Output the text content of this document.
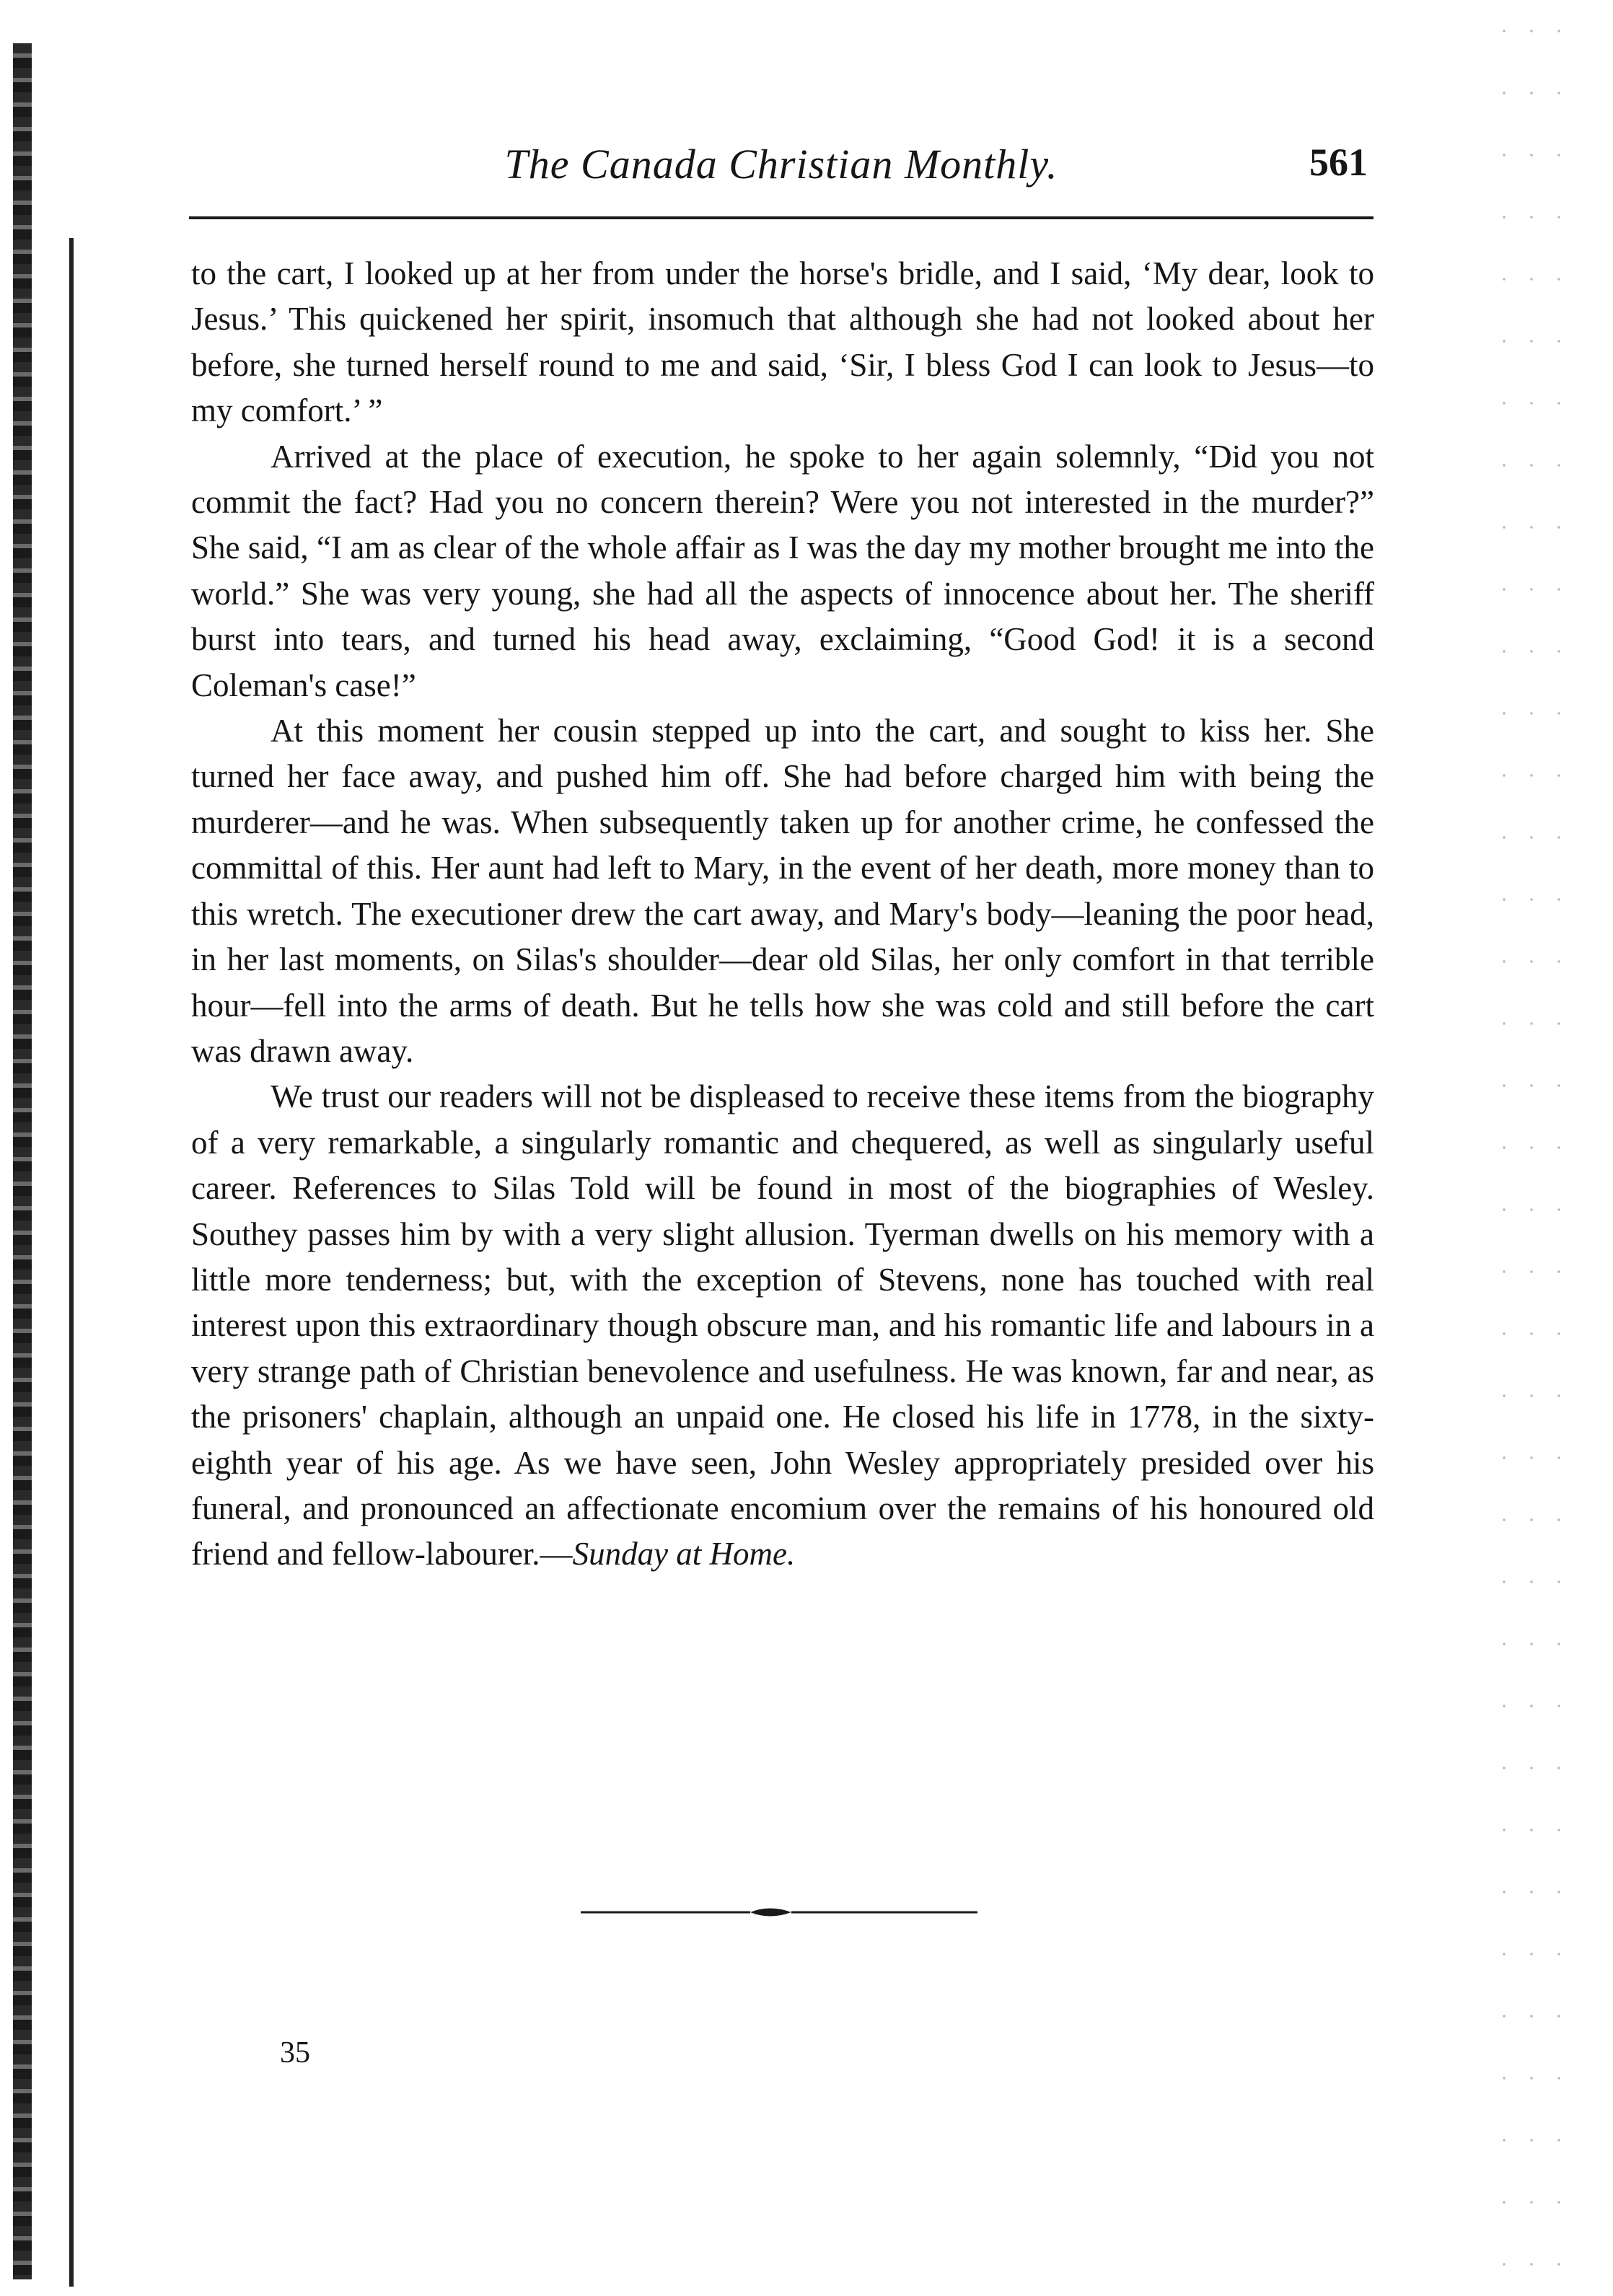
The Canada Christian Monthly.	561

to the cart, I looked up at her from under the horse's bridle, and I said, ‘My dear, look to Jesus.’ This quickened her spirit, insomuch that although she had not looked about her before, she turned herself round to me and said, ‘Sir, I bless God I can look to Jesus—to my comfort.’ ”

Arrived at the place of execution, he spoke to her again solemnly, “Did you not commit the fact? Had you no concern therein? Were you not interested in the murder?” She said, “I am as clear of the whole affair as I was the day my mother brought me into the world.” She was very young, she had all the aspects of innocence about her. The sheriff burst into tears, and turned his head away, exclaiming, “Good God! it is a second Coleman's case!”

At this moment her cousin stepped up into the cart, and sought to kiss her. She turned her face away, and pushed him off. She had before charged him with being the murderer—and he was. When subsequently taken up for another crime, he confessed the committal of this. Her aunt had left to Mary, in the event of her death, more money than to this wretch. The executioner drew the cart away, and Mary's body—leaning the poor head, in her last moments, on Silas's shoulder—dear old Silas, her only comfort in that terrible hour—fell into the arms of death. But he tells how she was cold and still before the cart was drawn away.

We trust our readers will not be displeased to receive these items from the biography of a very remarkable, a singularly romantic and chequered, as well as singularly useful career. References to Silas Told will be found in most of the biographies of Wesley. Southey passes him by with a very slight allusion. Tyerman dwells on his memory with a little more tenderness; but, with the exception of Stevens, none has touched with real interest upon this extraordinary though obscure man, and his romantic life and labours in a very strange path of Christian benevolence and usefulness. He was known, far and near, as the prisoners' chaplain, although an unpaid one. He closed his life in 1778, in the sixty-eighth year of his age. As we have seen, John Wesley appropriately presided over his funeral, and pronounced an affectionate encomium over the remains of his honoured old friend and fellow-labourer.—Sunday at Home.

35
